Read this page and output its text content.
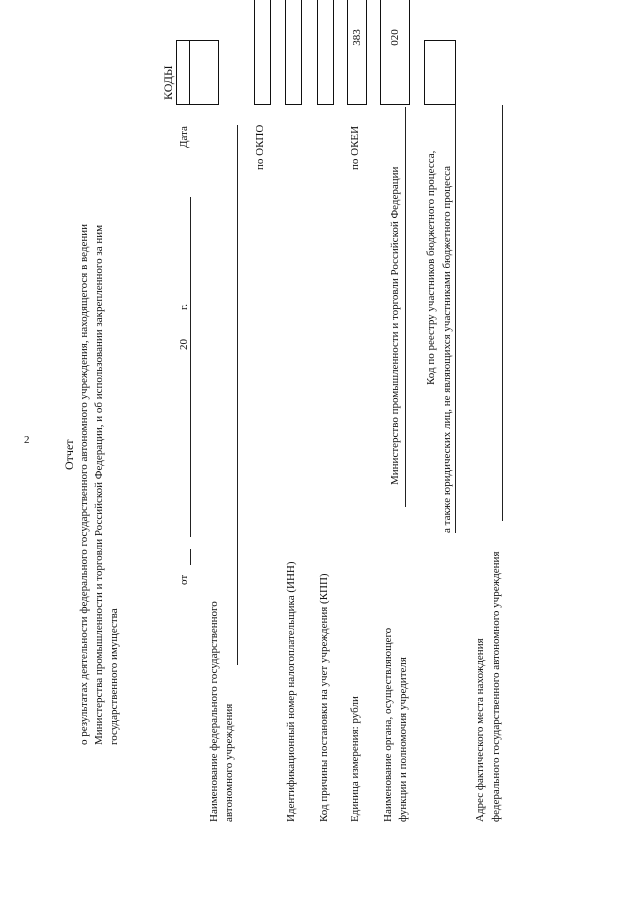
2	Отчет о результатах деятельности федерального государственного автономного учреждения, находящегося в ведении Министерства промышленности и торговли Российской Федерации, и об использовании закрепленного за ним государственного имущества
от
20
г.
КОДЫ
Дата
Наименование федерального государственного автономного учреждения
по ОКПО
Идентификационный номер налогоплательщика (ИНН) Код причины постановки на учет учреждения (КПП) Единица измерения: рубли
по ОКЕИ
383
Наименование органа, осуществляющего функции и полномочия учредителя
Министерство промышленности и торговли Российской Федерации
020
Код по реестру участников бюджетного процесса, а также юридических лиц, не являющихся участниками бюджетного процесса
Адрес фактического места нахождения федерального государственного автономного учреждения
